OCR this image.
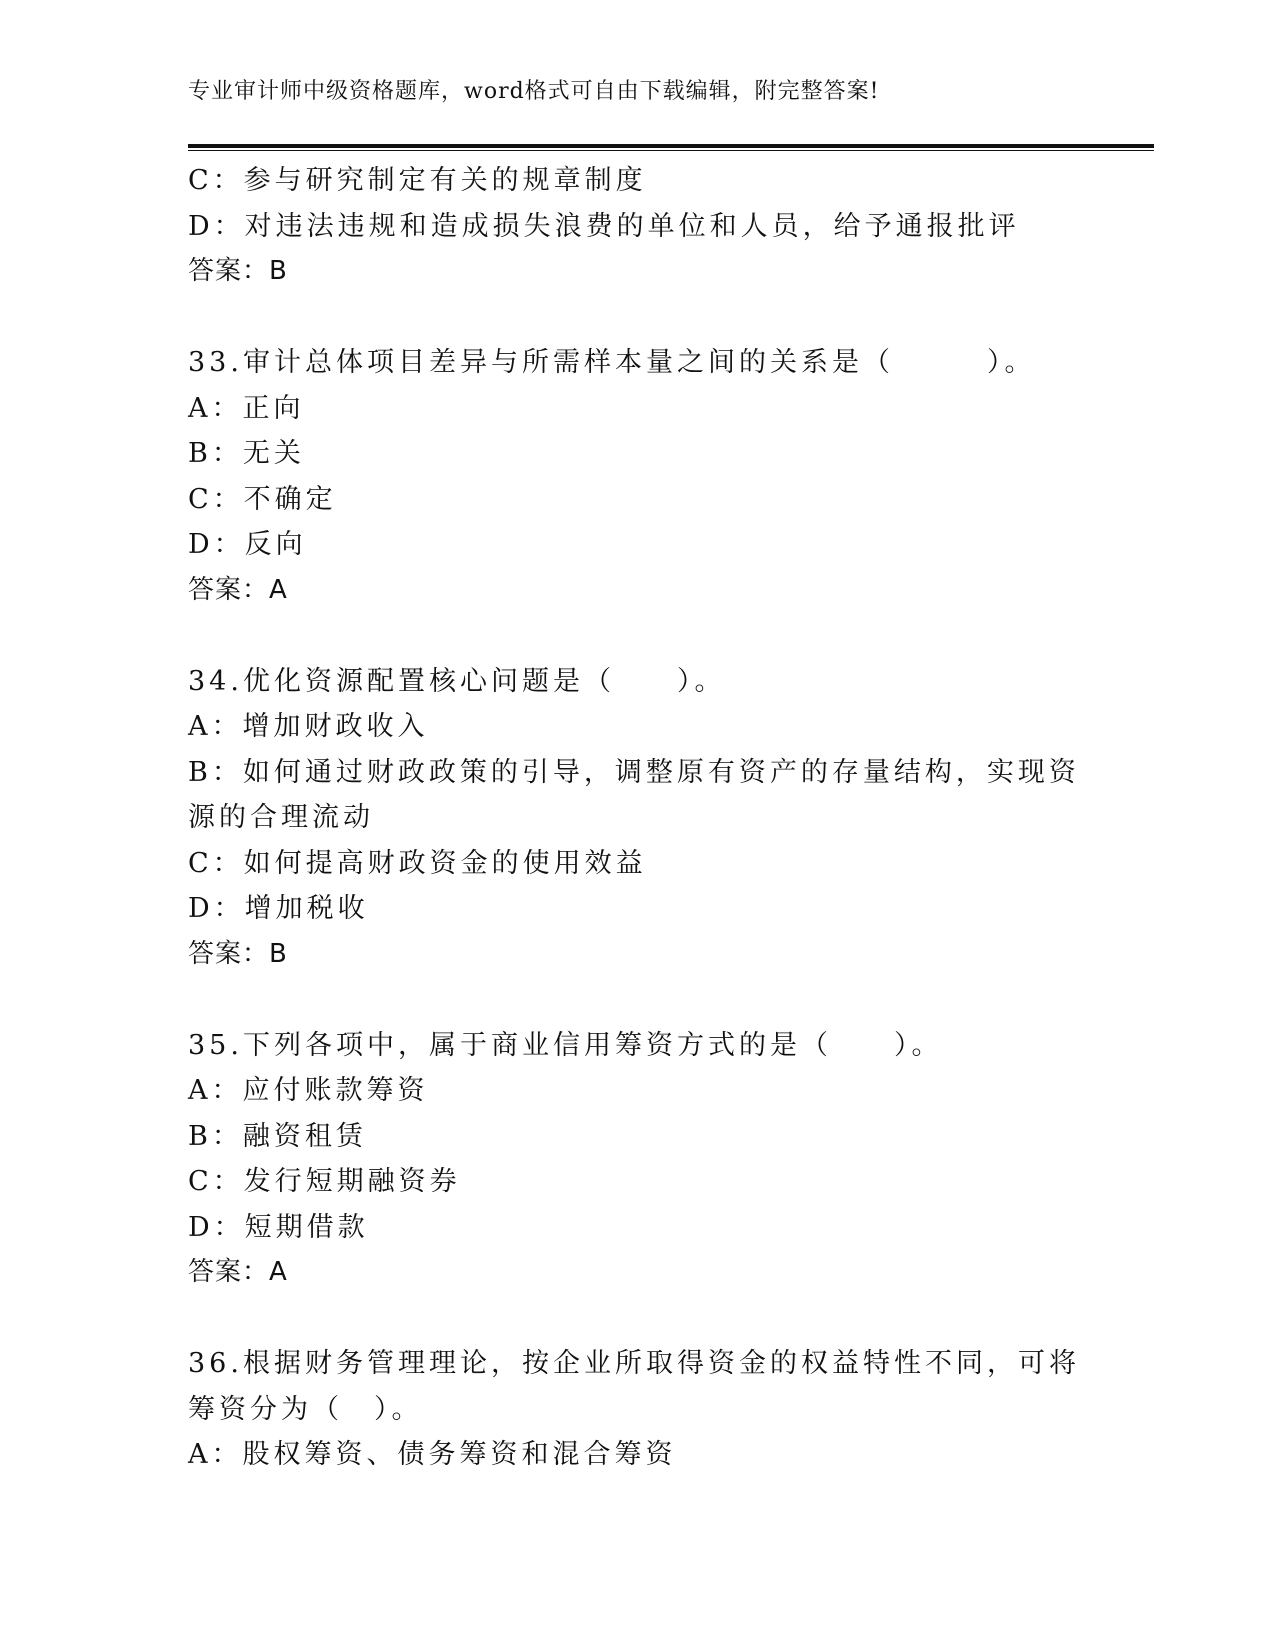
专业审计师中级资格题库，word格式可自由下载编辑，附完整答案!
C：参与研究制定有关的规章制度
D：对违法违规和造成损失浪费的单位和人员，给予通报批评
答案：B
33.审计总体项目差异与所需样本量之间的关系是（　　　）。
A：正向
B：无关
C：不确定
D：反向
答案：A
34.优化资源配置核心问题是（　　）。
A：增加财政收入
B：如何通过财政政策的引导，调整原有资产的存量结构，实现资源的合理流动
C：如何提高财政资金的使用效益
D：增加税收
答案：B
35.下列各项中，属于商业信用筹资方式的是（　　）。
A：应付账款筹资
B：融资租赁
C：发行短期融资券
D：短期借款
答案：A
36.根据财务管理理论，按企业所取得资金的权益特性不同，可将筹资分为（　）。
A：股权筹资、债务筹资和混合筹资
